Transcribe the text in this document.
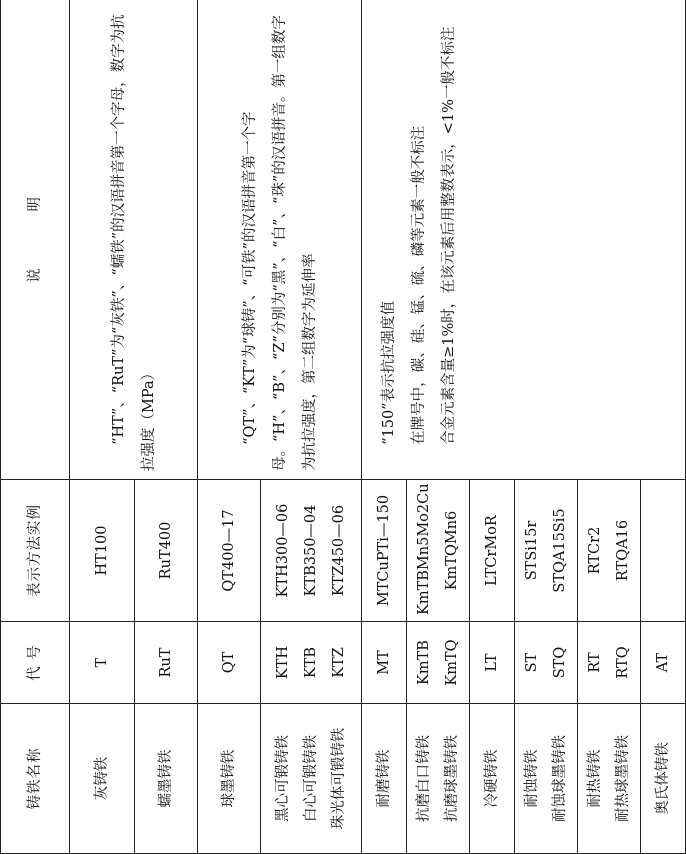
铸铁名称	代 号	表示方法实例	说          明
灰铸铁	T	HT100	“HT”、“RuT”为“灰铁”、“蠕铁”的汉语拼音第一个字母，数字为抗拉强度（MPa）

蠕墨铸铁	RuT	RuT400	
球墨铸铁	QT	QT400—17	“QT”、“KT”为“球铸”、“可铁”的汉语拼音第一个字母。“H”、“B”、“Z”分别为“黑”、“白”、“珠”的汉语拼音。第一组数字为抗拉强度，第二组数字为延伸率

黑心可锻铸铁 白心可锻铸铁 珠光体可锻铸铁	KTH KTB KTZ	KTH300—06 KTB350—04 KTZ450—06	

耐磨铸铁	MT	MTCuPTi—150	“150”表示抗拉强度值 在牌号中，碳、硅、锰、硫、磷等元素一般不标注 合金元素含量≥1%时，在该元素后用整数表示，<1%一般不标注

抗磨白口铸铁 抗磨球墨铸铁	KmTB KmTQ	KmTBMn5Mo2Cu KmTQMn6	

冷硬铸铁	LT	LTCrMoR	

耐蚀铸铁 耐蚀球墨铸铁	ST STQ	STSi15r STQA15Si5	

耐热铸铁 耐热球墨铸铁	RT RTQ	RTCr2 RTQA16	

奥氏体铸铁	AT		
